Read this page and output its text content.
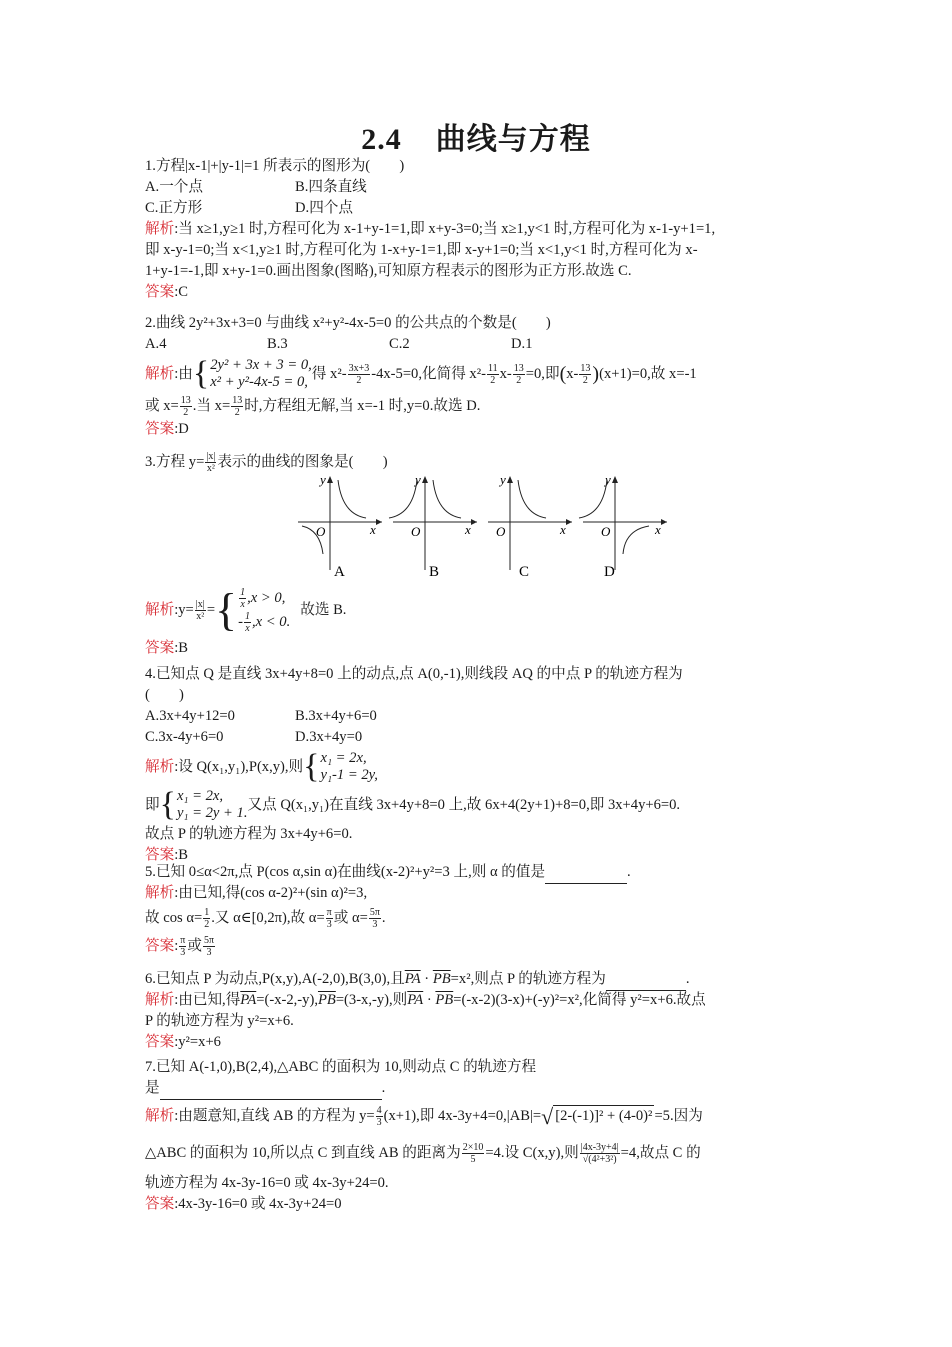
2.4 曲线与方程
1.方程|x-1|+|y-1|=1 所表示的图形为(　　)
A.一个点	B.四条直线
C.正方形	D.四个点
解析:当 x≥1,y≥1 时,方程可化为 x-1+y-1=1,即 x+y-3=0;当 x≥1,y<1 时,方程可化为 x-1-y+1=1,
即 x-y-1=0;当 x<1,y≥1 时,方程可化为 1-x+y-1=1,即 x-y+1=0;当 x<1,y<1 时,方程可化为 x-
1+y-1=-1,即 x+y-1=0.画出图象(图略),可知原方程表示的图形为正方形.故选 C.
答案:C
2.曲线 2y²+3x+3=0 与曲线 x²+y²-4x-5=0 的公共点的个数是(　　)
A.4	B.3	C.2	D.1
解析 :由 { 2y² + 3x + 3 = 0,
x² + y²-4x-5 = 0,
得 $x^2- \frac{3x+3}{2} -4x-5=0$,化简得 $x^2- \frac{11}{2} x- \frac{13}{2} =0$,即 ( $x- \frac{13}{2}$ ) (x+1)=0,故 x=-1
或 $x= \frac{13}{2}$ .当 $x= \frac{13}{2}$ 时,方程组无解,当 x=-1 时,y=0.故选 D.
答案:D
3.方程 $y= \frac{|x|}{\text{x²}}$ 表示的曲线的图象是(　　)
O	x
y
O	x
y
O	x
y
O	x
y
A	B	C	D
解析 :y= $\frac{|x|}{\text{x²}}$ = { $\frac{1}{x} ,x > 0$,
- $\frac{1}{x} ,x < 0$.
故选 B.
答案:B
4.已知点 Q 是直线 3x+4y+8=0 上的动点,点 A(0,-1),则线段 AQ 的中点 P 的轨迹方程为
(　　)
A.3x+4y+12=0	B.3x+4y+6=0
C.3x-4y+6=0	D.3x+4y=0
解析 :设 Q(x₁,y₁),P(x,y),则 { x₁ = 2x,
y₁-1 = 2y,
即 { x₁ = 2x,
y₁ = 2y + 1.
又点 Q(x₁,y₁)在直线 3x+4y+8=0 上,故 6x+4(2y+1)+8=0,即 3x+4y+6=0.
故点 P 的轨迹方程为 3x+4y+6=0.
答案:B
5.已知 0≤α<2π,点 P(cos α,sin α)在曲线(x-2)²+y²=3 上,则 α 的值是	.
解析:由已知,得(cos α-2)²+(sin α)²=3,
故 $\cos \alpha= \frac{1}{2}$ .又 α∈[0,2π),故 $\alpha= \frac{\pi}{3}$ 或 $\alpha= \frac{5\pi}{3}$ .
答案 : $\frac{\pi}{3}$ 或 $\frac{5\pi}{3}$
6.已知点 P 为动点,P(x,y),A(-2,0),B(3,0),且$\overline{PA} \cdot \overline{PB}=x^2$,则点 P 的轨迹方程为	.
解析:由已知,得$\overline{PA}=(-x-2,-y),\overline{PB}=(3-x,-y)$,则$\overline{PA} \cdot \overline{PB}=(-x-2)(3-x)+(-y)^2=x^2$,化简得 y²=x+6.故点
P 的轨迹方程为 y²=x+6.
答案:y²=x+6
7.已知 A(-1,0),B(2,4),△ABC 的面积为 10,则动点 C 的轨迹方程
是	.
解析 :由题意知,直线 AB 的方程为 $y= \frac{4}{3} (x+1)$,即 4x-3y+4=0,|AB|= √ [2-(-1)]² + (4-0)² =5.因为
△ABC 的面积为 10,所以点 C 到直线 AB 的距离为 $\frac{2\times 10}{5} =4$.设 C(x,y),则 $\frac{|4x-3y+4|}{\text{√(4²+3²)}} =4$,故点 C 的
轨迹方程为 4x-3y-16=0 或 4x-3y+24=0.
答案:4x-3y-16=0 或 4x-3y+24=0
